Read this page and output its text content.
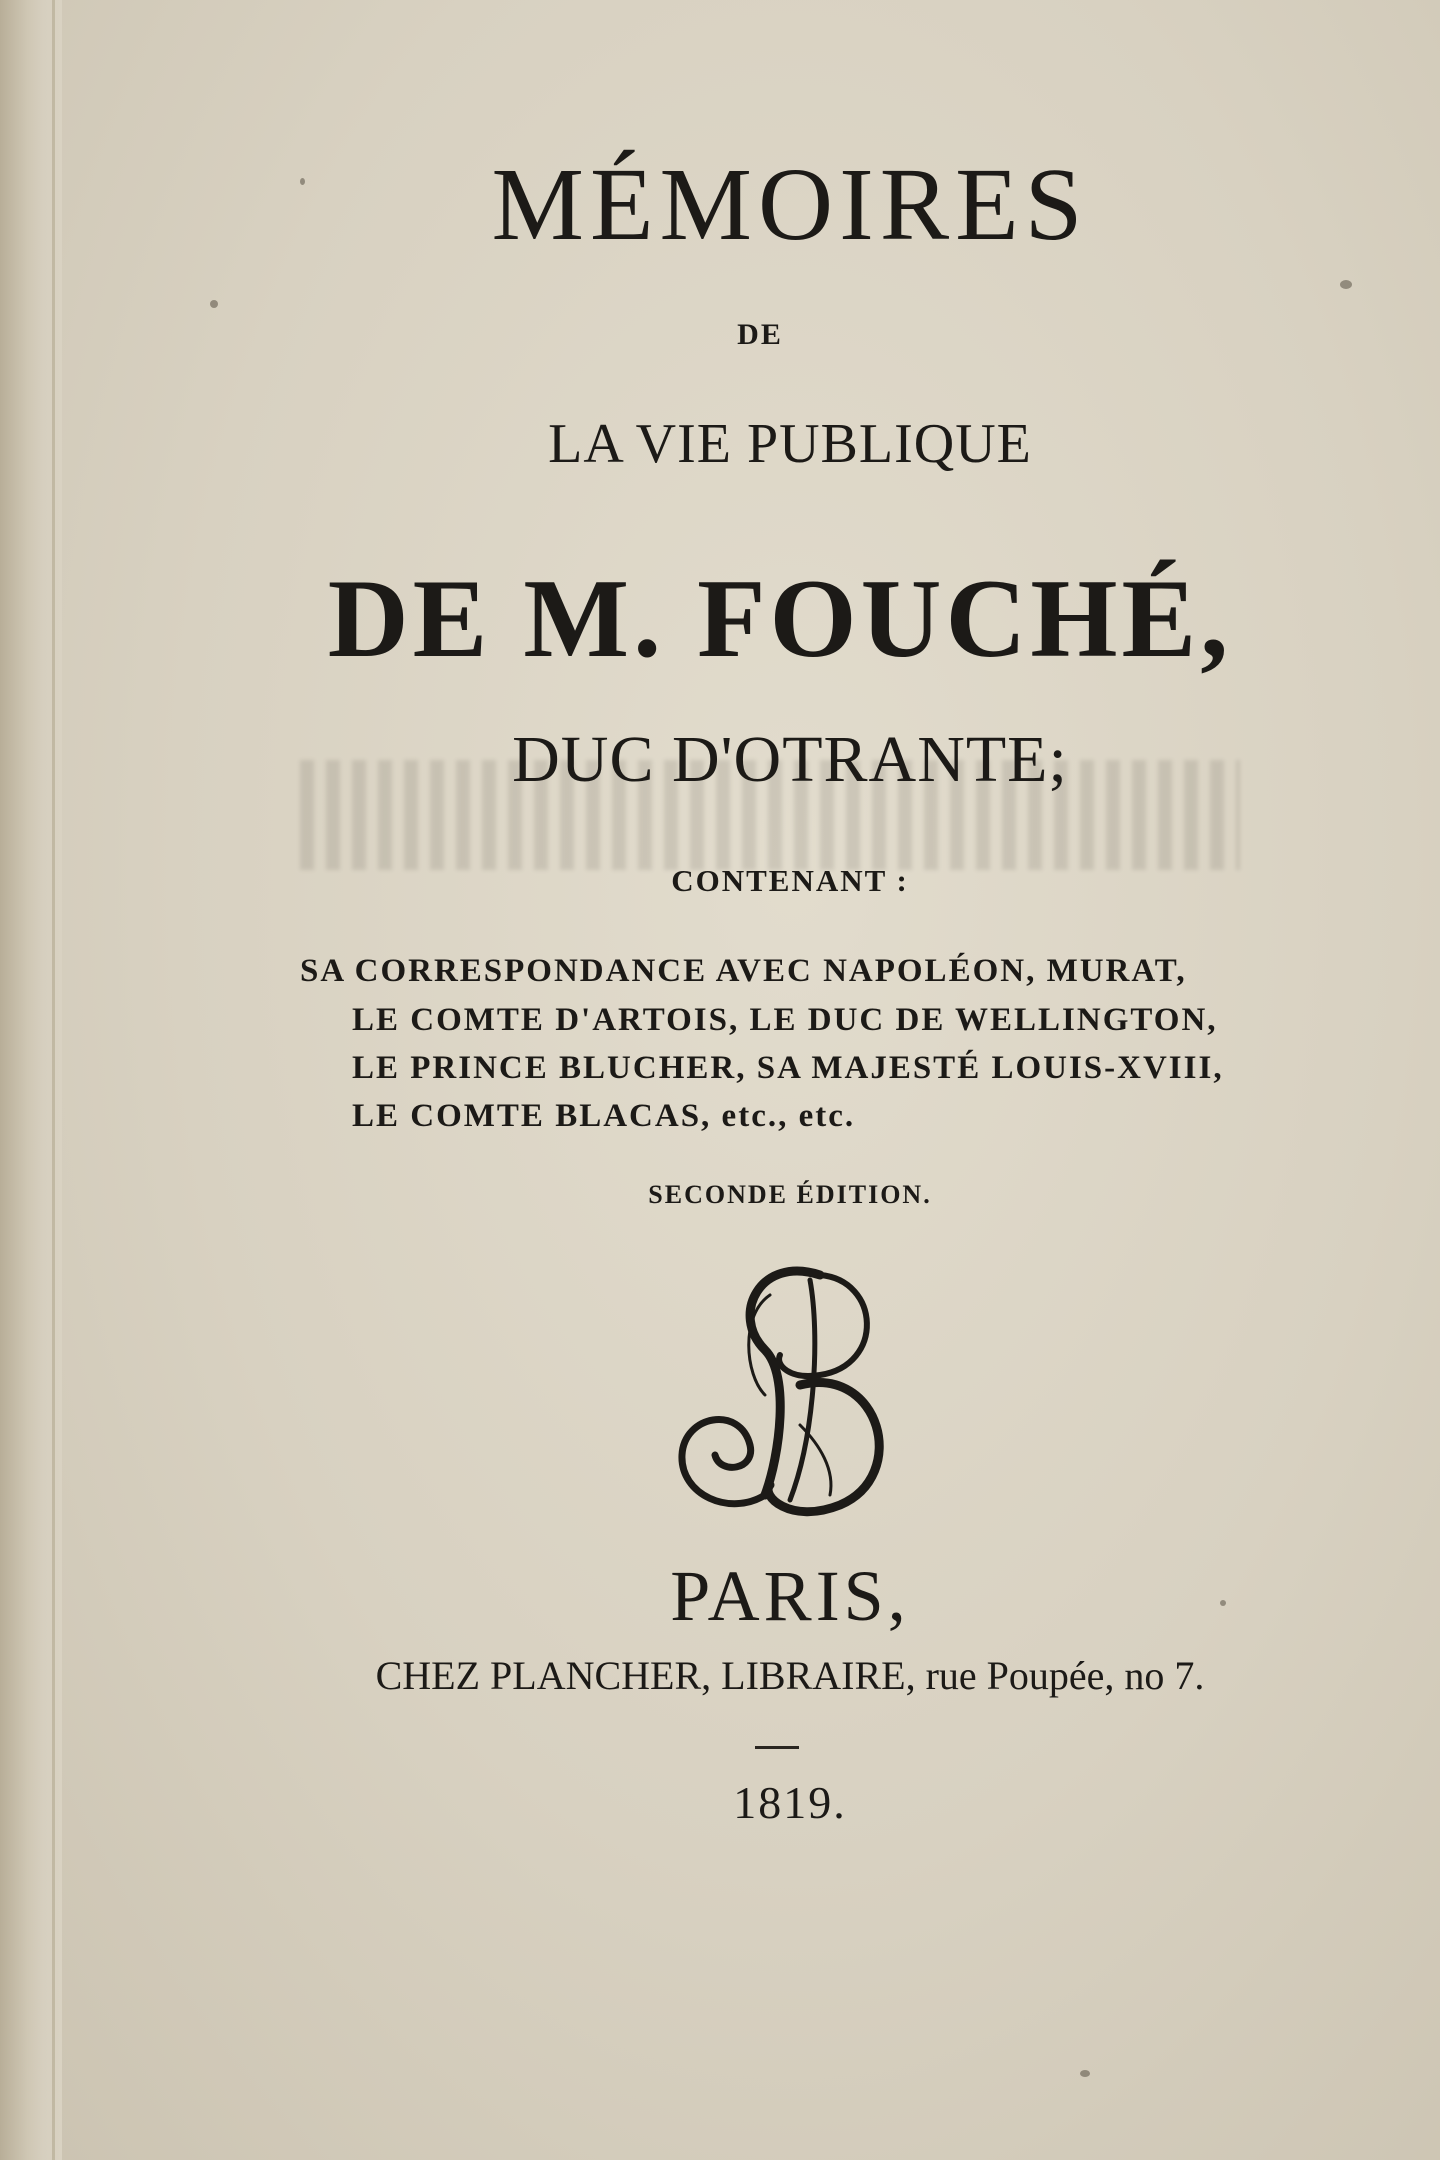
MÉMOIRES
DE
LA VIE PUBLIQUE
DE M. FOUCHÉ,
DUC D'OTRANTE;
CONTENANT :
SA CORRESPONDANCE AVEC NAPOLÉON, MURAT,
LE COMTE D'ARTOIS, LE DUC DE WELLINGTON,
LE PRINCE BLUCHER, SA MAJESTÉ LOUIS-XVIII,
LE COMTE BLACAS, etc., etc.
SECONDE ÉDITION.
PARIS,
CHEZ PLANCHER, LIBRAIRE, rue Poupée, no 7.
1819.
